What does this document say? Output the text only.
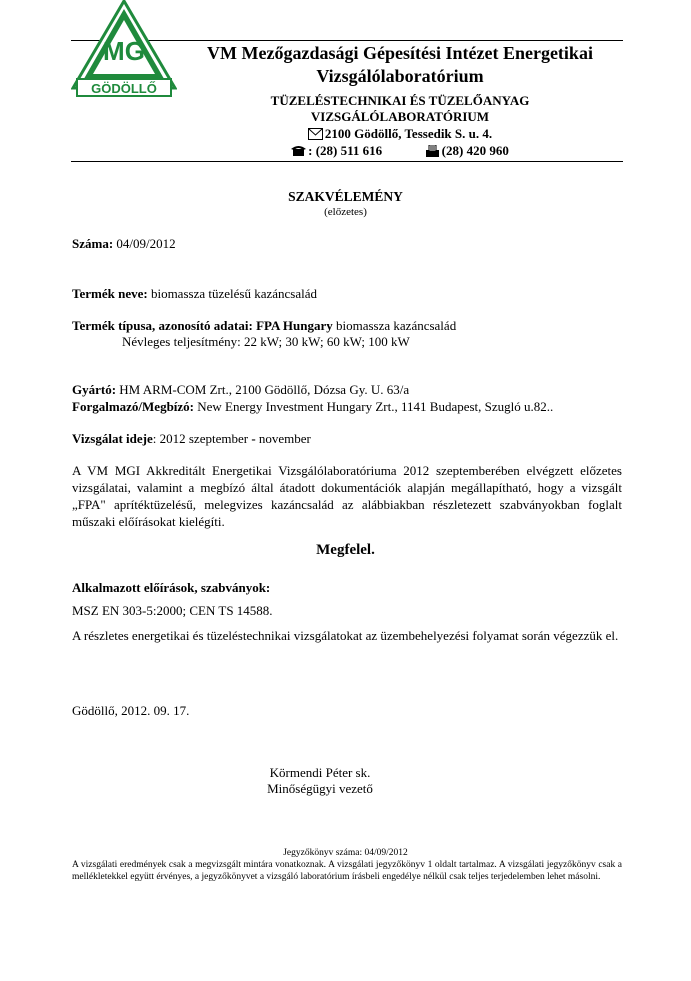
MG
GÖDÖLLŐ
VM Mezőgazdasági Gépesítési Intézet Energetikai
Vizsgálólaboratórium
TÜZELÉSTECHNIKAI ÉS TÜZELŐANYAG
VIZSGÁLÓLABORATÓRIUM
2100 Gödöllő, Tessedik S. u. 4.
: (28) 511 616	(28) 420 960
SZAKVÉLEMÉNY
(előzetes)
Száma: 04/09/2012
Termék neve: biomassza tüzelésű kazáncsalád
Termék típusa, azonosító adatai: FPA Hungary biomassza kazáncsalád
Névleges teljesítmény: 22 kW; 30 kW; 60 kW; 100 kW
Gyártó: HM ARM-COM Zrt., 2100 Gödöllő, Dózsa Gy. U. 63/a
Forgalmazó/Megbízó: New Energy Investment Hungary Zrt., 1141 Budapest, Szugló u.82..
Vizsgálat ideje: 2012 szeptember - november
A VM MGI Akkreditált Energetikai Vizsgálólaboratóriuma 2012 szeptemberében elvégzett előzetes vizsgálatai, valamint a megbízó által átadott dokumentációk alapján megállapítható, hogy a vizsgált „FPA" aprítéktüzelésű, melegvizes kazáncsalád az alábbiakban részletezett szabványokban foglalt műszaki előírásokat kielégíti.
Megfelel.
Alkalmazott előírások, szabványok:
MSZ EN 303-5:2000; CEN TS 14588.
A részletes energetikai és tüzeléstechnikai vizsgálatokat az üzembehelyezési folyamat során végezzük el.
Gödöllő, 2012. 09. 17.
Körmendi Péter sk.
Minőségügyi vezető
Jegyzőkönyv száma: 04/09/2012
A vizsgálati eredmények csak a megvizsgált mintára vonatkoznak. A vizsgálati jegyzőkönyv 1 oldalt tartalmaz. A vizsgálati jegyzőkönyv csak a mellékletekkel együtt érvényes, a jegyzőkönyvet a vizsgáló laboratórium írásbeli engedélye nélkül csak teljes terjedelemben lehet másolni.
